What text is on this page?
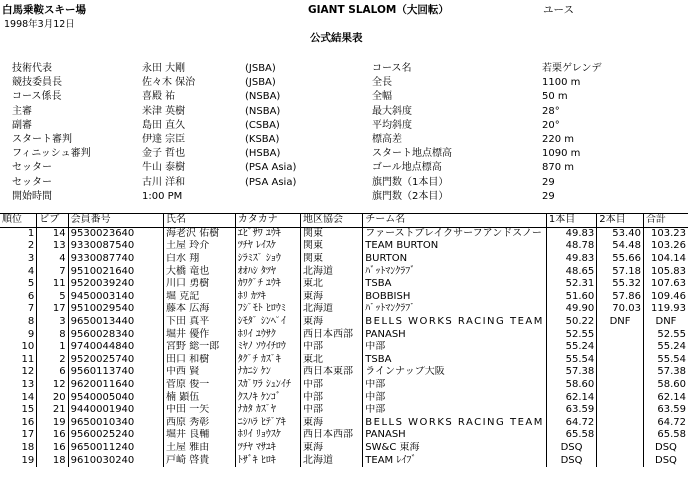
白馬乗鞍スキー場
1998年3月12日
GIANT SLALOM（大回転）	ユース
公式結果表
技術代表	永田 大剛	(JSBA)	コース名	若栗ゲレンデ
競技委員長	佐々木 保治	(JSBA)	全長	1100 m
コース係長	喜殿 祐	(NSBA)	全幅	50 m
主審	米津 英樹	(NSBA)	最大斜度	28°
副審	島田 直久	(CSBA)	平均斜度	20°
スタート審判	伊達 宗臣	(KSBA)	標高差	220 m
フィニッシュ審判	金子 哲也	(HSBA)	スタート地点標高	1090 m
セッター	牛山 泰樹	(PSA Asia)	ゴール地点標高	870 m
セッター	古川 洋和	(PSA Asia)	旗門数（1本目）	29
開始時間	1:00 PM	旗門数（2本目）	29
順位	ビブ	会員番号	氏名	カタカナ	地区協会	チーム名	1本目	2本目	合計
1	14	9530023640	海老沢 佑樹	ｴﾋﾞｻﾜ ﾕｳｷ	関東	ファーストブレイクサーフアンドスノー	49.83	53.40	103.23
2	13	9330087540	土屋 玲介	ﾂﾁﾔ ﾚｲｽｹ	関東	TEAM BURTON	48.78	54.48	103.26
3	4	9330087740	白水 翔	ｼﾗﾐｽﾞ ｼｮｳ	関東	BURTON	49.83	55.66	104.14
4	7	9510021640	大橋 竜也	ｵｵﾊｼ ﾀﾂﾔ	北海道	ﾊﾞｯﾄﾏﾝｸﾗﾌﾞ	48.65	57.18	105.83
5	11	9520039240	川口 勇樹	ｶﾜｸﾞﾁ ﾕｳｷ	東北	TSBA	52.31	55.32	107.63
6	5	9450003140	堀 克記	ﾎﾘ ｶﾂｷ	東海	BOBBISH	51.60	57.86	109.46
7	17	9510029540	藤本 広海	ﾌｼﾞﾓﾄ ﾋﾛｳﾐ	北海道	ﾊﾞｯﾄﾏﾝｸﾗﾌﾞ	49.90	70.03	119.93
8	3	9650013440	下田 真平	ｼﾓﾀﾞ ｼﾝﾍﾟｲ	東海	BELLS WORKS RACING TEAM	50.22	DNF	DNF
9	8	9560028340	堀井 優作	ﾎﾘｲ ﾕｳｻｸ	西日本西部	PANASH	52.55		52.55
10	1	9740044840	宮野 総一郎	ﾐﾔﾉ ｿｳｲﾁﾛｳ	中部	中部	55.24		55.24
11	2	9520025740	田口 和樹	ﾀｸﾞﾁ ｶｽﾞｷ	東北	TSBA	55.54		55.54
12	6	9560113740	中西 賢	ﾅｶﾆｼ ｹﾝ	西日本東部	ラインナップ大阪	57.38		57.38
13	12	9620011640	菅原 俊一	ｽｶﾞﾜﾗ ｼｭﾝｲﾁ	中部	中部	58.60		58.60
14	20	9540005040	楠 顕伍	ｸｽﾉｷ ｹﾝｺﾞ	中部	中部	62.14		62.14
15	21	9440001940	中田 一矢	ﾅｶﾀ ｶｽﾞﾔ	中部	中部	63.59		63.59
16	19	9650010340	西原 秀彰	ﾆｼﾊﾗ ﾋﾃﾞｱｷ	東海	BELLS WORKS RACING TEAM	64.72		64.72
17	16	9560025240	堀井 良輔	ﾎﾘｲ ﾘｮｳｽｹ	西日本西部	PANASH	65.58		65.58
18	16	9650011240	土屋 雅由	ﾂﾁﾔ ﾏｻﾕｷ	東海	SW&C 東海	DSQ		DSQ
19	18	9610030240	戸崎 啓貴	ﾄｻﾞｷ ﾋﾛｷ	北海道	TEAM ﾚｲﾌﾞ	DSQ		DSQ
